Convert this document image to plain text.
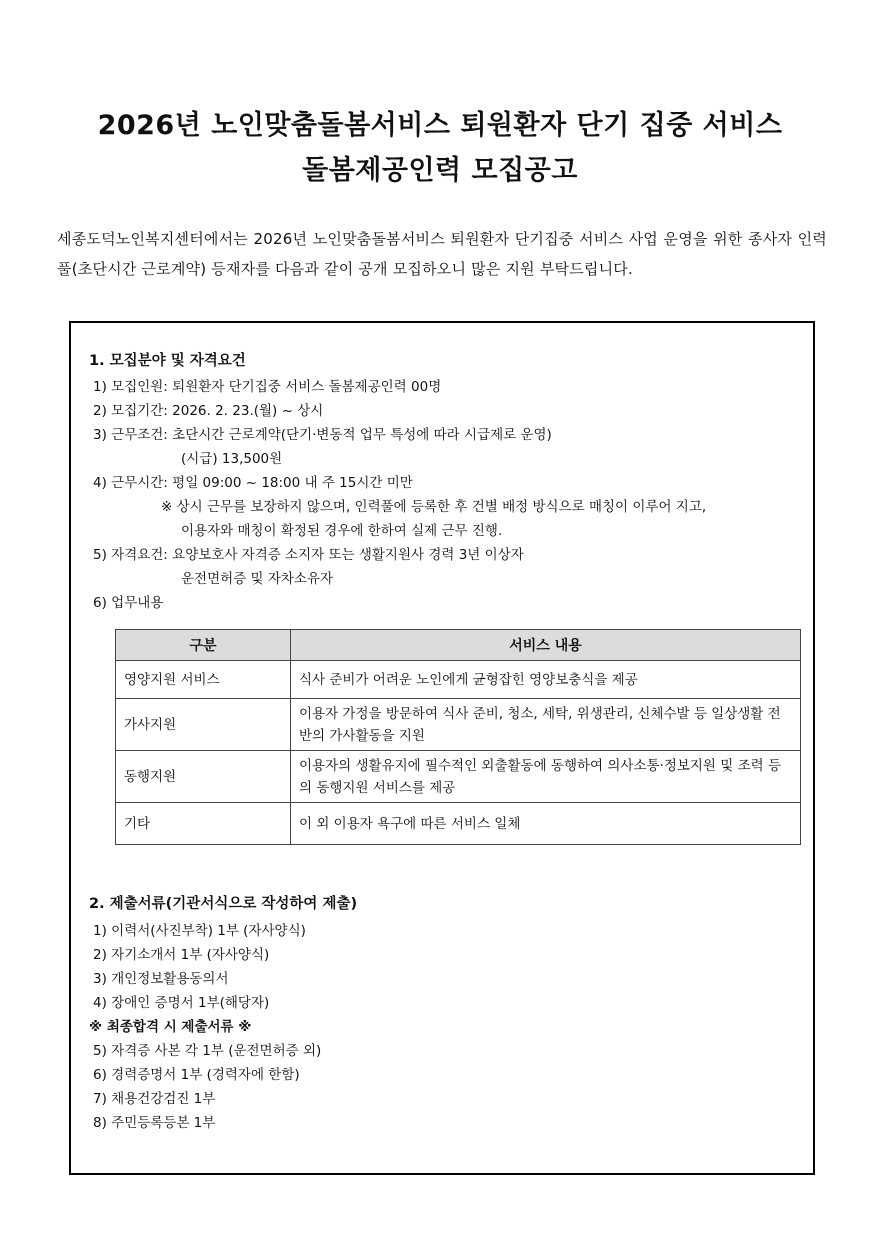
2026년 노인맞춤돌봄서비스 퇴원환자 단기 집중 서비스
돌봄제공인력 모집공고
세종도덕노인복지센터에서는 2026년 노인맞춤돌봄서비스 퇴원환자 단기집중 서비스 사업 운영을 위한 종사자 인력풀(초단시간 근로계약) 등재자를 다음과 같이 공개 모집하오니 많은 지원 부탁드립니다.
1. 모집분야 및 자격요건
1) 모집인원: 퇴원환자 단기집중 서비스 돌봄제공인력 00명
2) 모집기간: 2026. 2. 23.(월) ~ 상시
3) 근무조건: 초단시간 근로계약(단기·변동적 업무 특성에 따라 시급제로 운영)
(시급) 13,500원
4) 근무시간: 평일 09:00 ~ 18:00 내 주 15시간 미만
※ 상시 근무를 보장하지 않으며, 인력풀에 등록한 후 건별 배정 방식으로 매칭이 이루어 지고,
이용자와 매칭이 확정된 경우에 한하여 실제 근무 진행.
5) 자격요건: 요양보호사 자격증 소지자 또는 생활지원사 경력 3년 이상자
운전면허증 및 자차소유자
6) 업무내용
구분	서비스 내용
영양지원 서비스	식사 준비가 어려운 노인에게 균형잡힌 영양보충식을 제공
가사지원	이용자 가정을 방문하여 식사 준비, 청소, 세탁, 위생관리, 신체수발 등 일상생활 전반의 가사활동을 지원
동행지원	이용자의 생활유지에 필수적인 외출활동에 동행하여 의사소통·정보지원 및 조력 등의 동행지원 서비스를 제공
기타	이 외 이용자 욕구에 따른 서비스 일체
2. 제출서류(기관서식으로 작성하여 제출)
1) 이력서(사진부착) 1부 (자사양식)
2) 자기소개서 1부 (자사양식)
3) 개인정보활용동의서
4) 장애인 증명서 1부(해당자)
※ 최종합격 시 제출서류 ※
5) 자격증 사본 각 1부 (운전면허증 외)
6) 경력증명서 1부 (경력자에 한함)
7) 채용건강검진 1부
8) 주민등록등본 1부
